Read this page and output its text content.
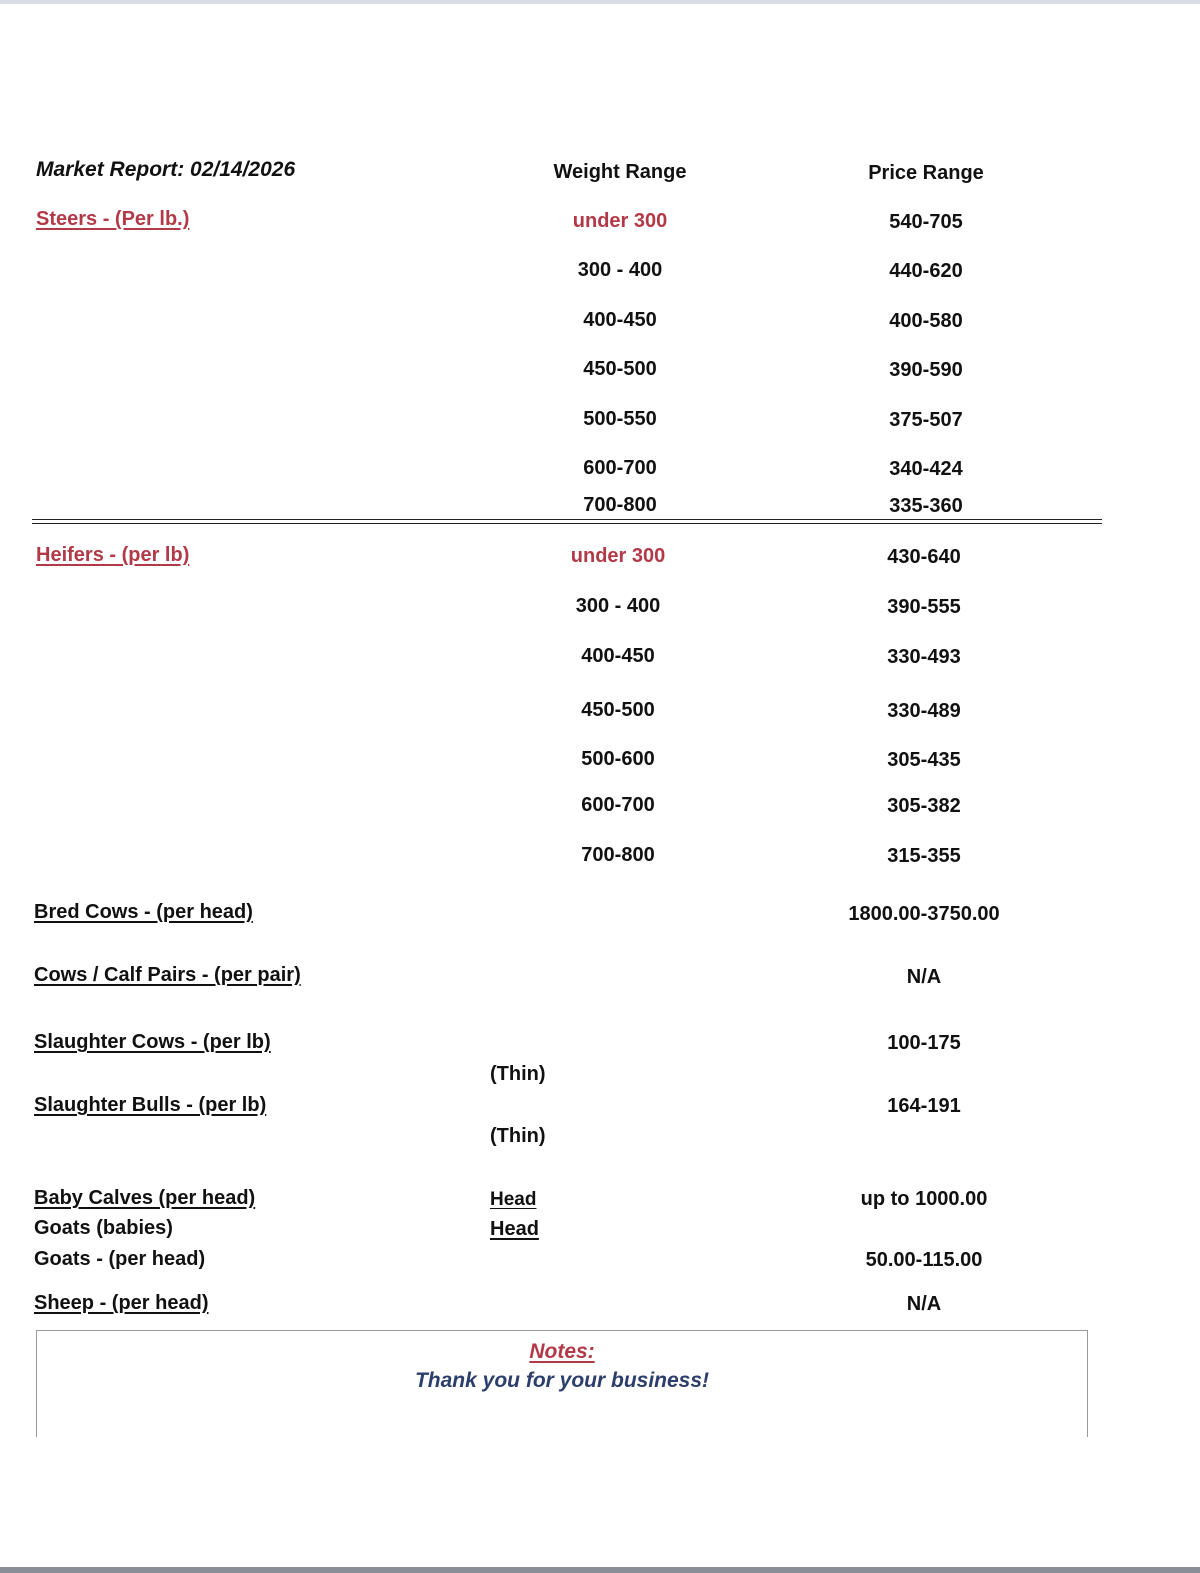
Market Report: 02/14/2026	Weight Range	Price Range
Steers - (Per lb.)	under 300	540-705
300 - 400	440-620
400-450	400-580
450-500	390-590
500-550	375-507
600-700	340-424
700-800	335-360
Heifers - (per lb)	under 300	430-640
300 - 400	390-555
400-450	330-493
450-500	330-489
500-600	305-435
600-700	305-382
700-800	315-355
Bred Cows - (per head)	1800.00-3750.00
Cows / Calf Pairs - (per pair)	N/A
Slaughter Cows - (per lb)	100-175
(Thin)
Slaughter Bulls - (per lb)	164-191
(Thin)
Baby Calves (per head)	Head	up to 1000.00
Goats (babies)	Head
Goats - (per head)	50.00-115.00
Sheep - (per head)	N/A
Notes:
Thank you for your business!
